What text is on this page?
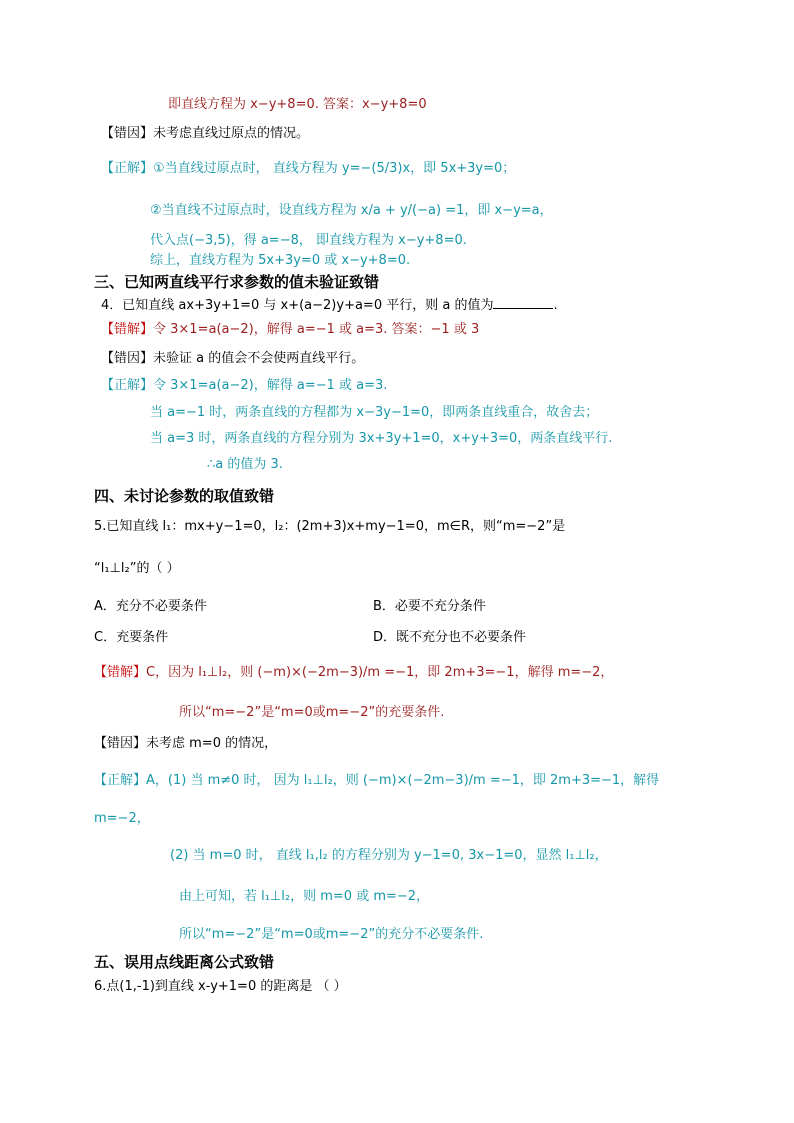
即直线方程为 x−y+8=0. 答案：x−y+8=0
【错因】未考虑直线过原点的情况。
【正解】①当直线过原点时， 直线方程为 y=−(5/3)x，即 5x+3y=0；
②当直线不过原点时，设直线方程为 x/a + y/(−a) =1，即 x−y=a，
代入点(−3,5)，得 a=−8， 即直线方程为 x−y+8=0.
综上，直线方程为 5x+3y=0 或 x−y+8=0.
三、已知两直线平行求参数的值未验证致错
4．已知直线 ax+3y+1=0 与 x+(a−2)y+a=0 平行，则 a 的值为	.
【错解】令 3×1=a(a−2)，解得 a=−1 或 a=3. 答案：−1 或 3
【错因】未验证 a 的值会不会使两直线平行。
【正解】令 3×1=a(a−2)，解得 a=−1 或 a=3.
当 a=−1 时，两条直线的方程都为 x−3y−1=0，即两条直线重合，故舍去；
当 a=3 时，两条直线的方程分别为 3x+3y+1=0，x+y+3=0，两条直线平行.
∴a 的值为 3.
四、未讨论参数的取值致错
5.已知直线 l₁：mx+y−1=0，l₂：(2m+3)x+my−1=0，m∈R，则“m=−2”是
“l₁⊥l₂”的（ ）
A．充分不必要条件	B．必要不充分条件
C．充要条件	D．既不充分也不必要条件
【错解】C，因为 l₁⊥l₂，则 (−m)×(−2m−3)/m =−1，即 2m+3=−1，解得 m=−2，
所以“m=−2”是“m=0或m=−2”的充要条件.
【错因】未考虑 m=0 的情况，
【正解】A，(1) 当 m≠0 时， 因为 l₁⊥l₂，则 (−m)×(−2m−3)/m =−1，即 2m+3=−1，解得
m=−2，
(2) 当 m=0 时， 直线 l₁,l₂ 的方程分别为 y−1=0, 3x−1=0，显然 l₁⊥l₂，
由上可知，若 l₁⊥l₂，则 m=0 或 m=−2，
所以“m=−2”是“m=0或m=−2”的充分不必要条件.
五、误用点线距离公式致错
6.点(1,-1)到直线 x-y+1=0 的距离是 （ ）
